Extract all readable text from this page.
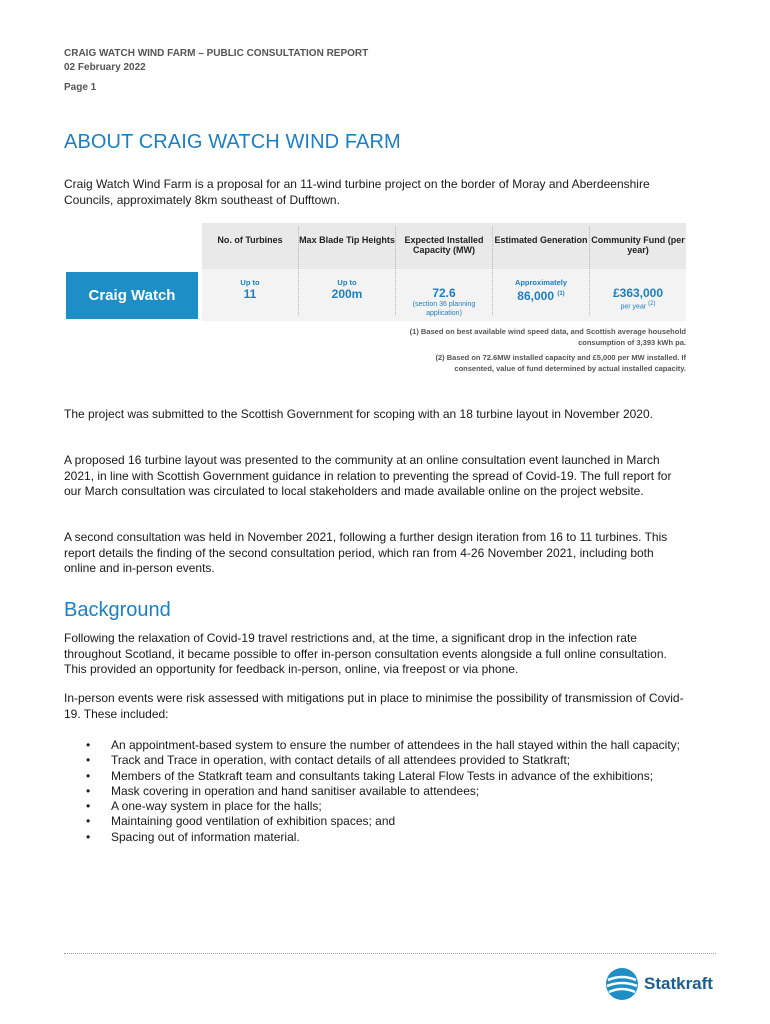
CRAIG WATCH WIND FARM – PUBLIC CONSULTATION REPORT
02 February 2022
Page 1
ABOUT CRAIG WATCH WIND FARM
Craig Watch Wind Farm is a proposal for an 11-wind turbine project on the border of Moray and Aberdeenshire Councils, approximately 8km southeast of Dufftown.
Craig Watch
No. of Turbines
Up to
11
Max Blade Tip Heights
Up to
200m
Expected Installed Capacity (MW)
72.6
(section 36 planning application)
Estimated Generation
Approximately
86,000 $^{(1)}$
Community Fund (per year)
£363,000
per year (2)

(1) Based on best available wind speed data, and Scottish average household consumption of 3,393 kWh pa.

(2) Based on 72.6MW installed capacity and £5,000 per MW installed. If consented, value of fund determined by actual installed capacity.

The project was submitted to the Scottish Government for scoping with an 18 turbine layout in November 2020.
A proposed 16 turbine layout was presented to the community at an online consultation event launched in March 2021, in line with Scottish Government guidance in relation to preventing the spread of Covid-19. The full report for our March consultation was circulated to local stakeholders and made available online on the project website.
A second consultation was held in November 2021, following a further design iteration from 16 to 11 turbines. This report details the finding of the second consultation period, which ran from 4-26 November 2021, including both online and in-person events.
Background
Following the relaxation of Covid-19 travel restrictions and, at the time, a significant drop in the infection rate throughout Scotland, it became possible to offer in-person consultation events alongside a full online consultation. This provided an opportunity for feedback in-person, online, via freepost or via phone.
In-person events were risk assessed with mitigations put in place to minimise the possibility of transmission of Covid-19. These included:
• An appointment-based system to ensure the number of attendees in the hall stayed within the hall capacity;
• Track and Trace in operation, with contact details of all attendees provided to Statkraft;
• Members of the Statkraft team and consultants taking Lateral Flow Tests in advance of the exhibitions;
• Mask covering in operation and hand sanitiser available to attendees;
• A one-way system in place for the halls;
• Maintaining good ventilation of exhibition spaces; and
• Spacing out of information material.
Statkraft
